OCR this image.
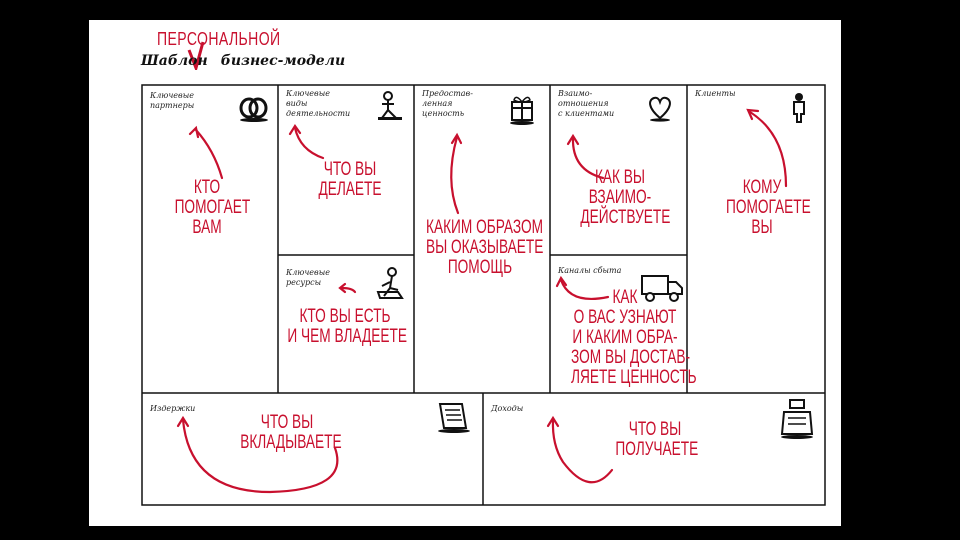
ПЕРСОНАЛЬНОЙ
Шаблон бизнес-модели
Ключевые
партнеры
Ключевые
виды
деятельности
Ключевые
ресурсы
Предостав-
ленная
ценность
Взаимо-
отношения
с клиентами
Каналы сбыта
Клиенты
Издержки	Доходы
КТО
ПОМОГАЕТ
ВАМ
ЧТО ВЫ
ДЕЛАЕТЕ
КТО ВЫ ЕСТЬ
И ЧЕМ ВЛАДЕЕТЕ
КАКИМ ОБРАЗОМ
ВЫ ОКАЗЫВАЕТЕ
ПОМОЩЬ
КАК ВЫ
ВЗАИМО-
ДЕЙСТВУЕТЕ
КАК
О ВАС УЗНАЮТ
И КАКИМ ОБРА-
ЗОМ ВЫ ДОСТАВ-
ЛЯЕТЕ ЦЕННОСТЬ
КОМУ
ПОМОГАЕТЕ
ВЫ
ЧТО ВЫ
ВКЛАДЫВАЕТЕ
ЧТО ВЫ
ПОЛУЧАЕТЕ
